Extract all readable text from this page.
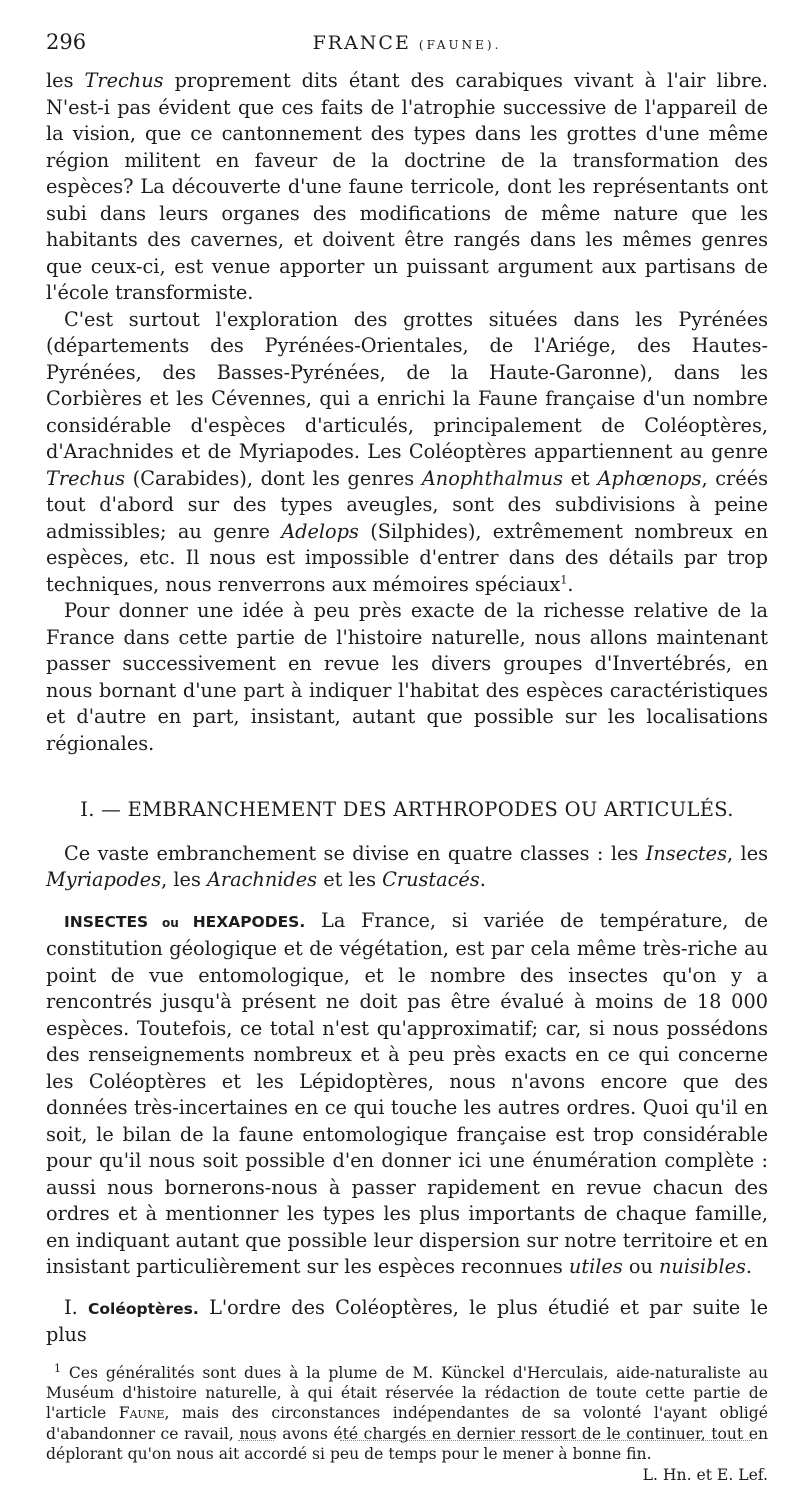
296	FRANCE (FAUNE).

les Trechus proprement dits étant des carabiques vivant à l'air libre. N'est-i pas évident que ces faits de l'atrophie successive de l'appareil de la vision, que ce cantonnement des types dans les grottes d'une même région militent en faveur de la doctrine de la transformation des espèces? La découverte d'une faune terricole, dont les représentants ont subi dans leurs organes des modifications de même nature que les habitants des cavernes, et doivent être rangés dans les mêmes genres que ceux-ci, est venue apporter un puissant argument aux partisans de l'école transformiste.

C'est surtout l'exploration des grottes situées dans les Pyrénées (départements des Pyrénées-Orientales, de l'Ariége, des Hautes-Pyrénées, des Basses-Pyrénées, de la Haute-Garonne), dans les Corbières et les Cévennes, qui a enrichi la Faune française d'un nombre considérable d'espèces d'articulés, principalement de Coléoptères, d'Arachnides et de Myriapodes. Les Coléoptères appartiennent au genre Trechus (Carabides), dont les genres Anophthalmus et Aphœnops, créés tout d'abord sur des types aveugles, sont des subdivisions à peine admissibles; au genre Adelops (Silphides), extrêmement nombreux en espèces, etc. Il nous est impossible d'entrer dans des détails par trop techniques, nous renverrons aux mémoires spéciaux$^1$.

Pour donner une idée à peu près exacte de la richesse relative de la France dans cette partie de l'histoire naturelle, nous allons maintenant passer successivement en revue les divers groupes d'Invertébrés, en nous bornant d'une part à indiquer l'habitat des espèces caractéristiques et d'autre en part, insistant, autant que possible sur les localisations régionales.

I. — EMBRANCHEMENT DES ARTHROPODES OU ARTICULÉS.

Ce vaste embranchement se divise en quatre classes : les Insectes, les Myriapodes, les Arachnides et les Crustacés.

INSECTES ou HEXAPODES. La France, si variée de température, de constitution géologique et de végétation, est par cela même très-riche au point de vue entomologique, et le nombre des insectes qu'on y a rencontrés jusqu'à présent ne doit pas être évalué à moins de 18 000 espèces. Toutefois, ce total n'est qu'approximatif; car, si nous possédons des renseignements nombreux et à peu près exacts en ce qui concerne les Coléoptères et les Lépidoptères, nous n'avons encore que des données très-incertaines en ce qui touche les autres ordres. Quoi qu'il en soit, le bilan de la faune entomologique française est trop considérable pour qu'il nous soit possible d'en donner ici une énumération complète : aussi nous bornerons-nous à passer rapidement en revue chacun des ordres et à mentionner les types les plus importants de chaque famille, en indiquant autant que possible leur dispersion sur notre territoire et en insistant particulièrement sur les espèces reconnues utiles ou nuisibles.

I. Coléoptères. L'ordre des Coléoptères, le plus étudié et par suite le plus

$^1$ Ces généralités sont dues à la plume de M. Künckel d'Herculais, aide-naturaliste au Muséum d'histoire naturelle, à qui était réservée la rédaction de toute cette partie de l'article Faune, mais des circonstances indépendantes de sa volonté l'ayant obligé d'abandonner ce ravail, nous avons été chargés en dernier ressort de le continuer, tout en déplorant qu'on nous ait accordé si peu de temps pour le mener à bonne fin.
L. Hn. et E. Lef.
